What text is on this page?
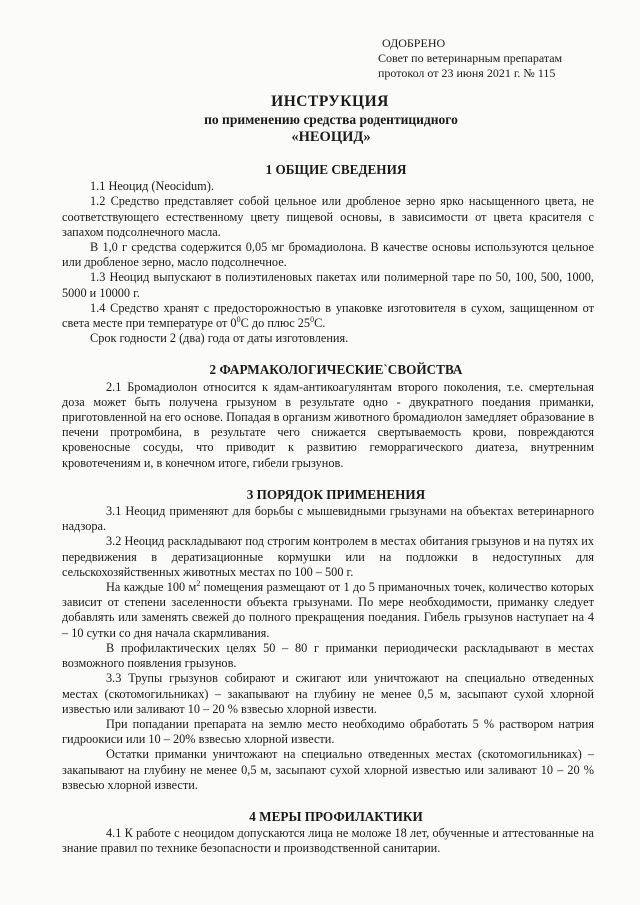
ОДОБРЕНО
Совет по ветеринарным препаратам
протокол от 23 июня 2021 г. № 115
ИНСТРУКЦИЯ
по применению средства родентицидного
«НЕОЦИД»

1 ОБЩИЕ СВЕДЕНИЯ

1.1 Неоцид (Neocidum).

1.2 Средство представляет собой цельное или дробленое зерно ярко насыщенного цвета, не соответствующего естественному цвету пищевой основы, в зависимости от цвета красителя с запахом подсолнечного масла.

В 1,0 г средства содержится 0,05 мг бромадиолона. В качестве основы используются цельное или дробленое зерно, масло подсолнечное.

1.3 Неоцид выпускают в полиэтиленовых пакетах или полимерной таре по 50, 100, 500, 1000, 5000 и 10000 г.

1.4 Средство хранят с предосторожностью в упаковке изготовителя в сухом, защищенном от света месте при температуре от $0^0С$ до плюс $25^0С$.

Срок годности 2 (два) года от даты изготовления.

2 ФАРМАКОЛОГИЧЕСКИЕ`СВОЙСТВА

2.1 Бромадиолон относится к ядам-антикоагулянтам второго поколения, т.е. смертельная доза может быть получена грызуном в результате одно - двукратного поедания приманки, приготовленной на его основе. Попадая в организм животного бромадиолон замедляет образование в печени протромбина, в результате чего снижается свертываемость крови, повреждаются кровеносные сосуды, что приводит к развитию геморрагического диатеза, внутренним кровотечениям и, в конечном итоге, гибели грызунов.

3 ПОРЯДОК ПРИМЕНЕНИЯ

3.1 Неоцид применяют для борьбы с мышевидными грызунами на объектах ветеринарного надзора.

3.2 Неоцид раскладывают под строгим контролем в местах обитания грызунов и на путях их передвижения в дератизационные кормушки или на подложки в недоступных для сельскохозяйственных животных местах по 100 – 500 г.

На каждые 100 $м^2$ помещения размещают от 1 до 5 приманочных точек, количество которых зависит от степени заселенности объекта грызунами. По мере необходимости, приманку следует добавлять или заменять свежей до полного прекращения поедания. Гибель грызунов наступает на 4 – 10 сутки со дня начала скармливания.

В профилактических целях 50 – 80 г приманки периодически раскладывают в местах возможного появления грызунов.

3.3 Трупы грызунов собирают и сжигают или уничтожают на специально отведенных местах (скотомогильниках) – закапывают на глубину не менее 0,5 м, засыпают сухой хлорной известью или заливают 10 – 20 % взвесью хлорной извести.

При попадании препарата на землю место необходимо обработать 5 % раствором натрия гидроокиси или 10 – 20% взвесью хлорной извести.

Остатки приманки уничтожают на специально отведенных местах (скотомогильниках) – закапывают на глубину не менее 0,5 м, засыпают сухой хлорной известью или заливают 10 – 20 % взвесью хлорной извести.

4 МЕРЫ ПРОФИЛАКТИКИ

4.1 К работе с неоцидом допускаются лица не моложе 18 лет, обученные и аттестованные на знание правил по технике безопасности и производственной санитарии.
